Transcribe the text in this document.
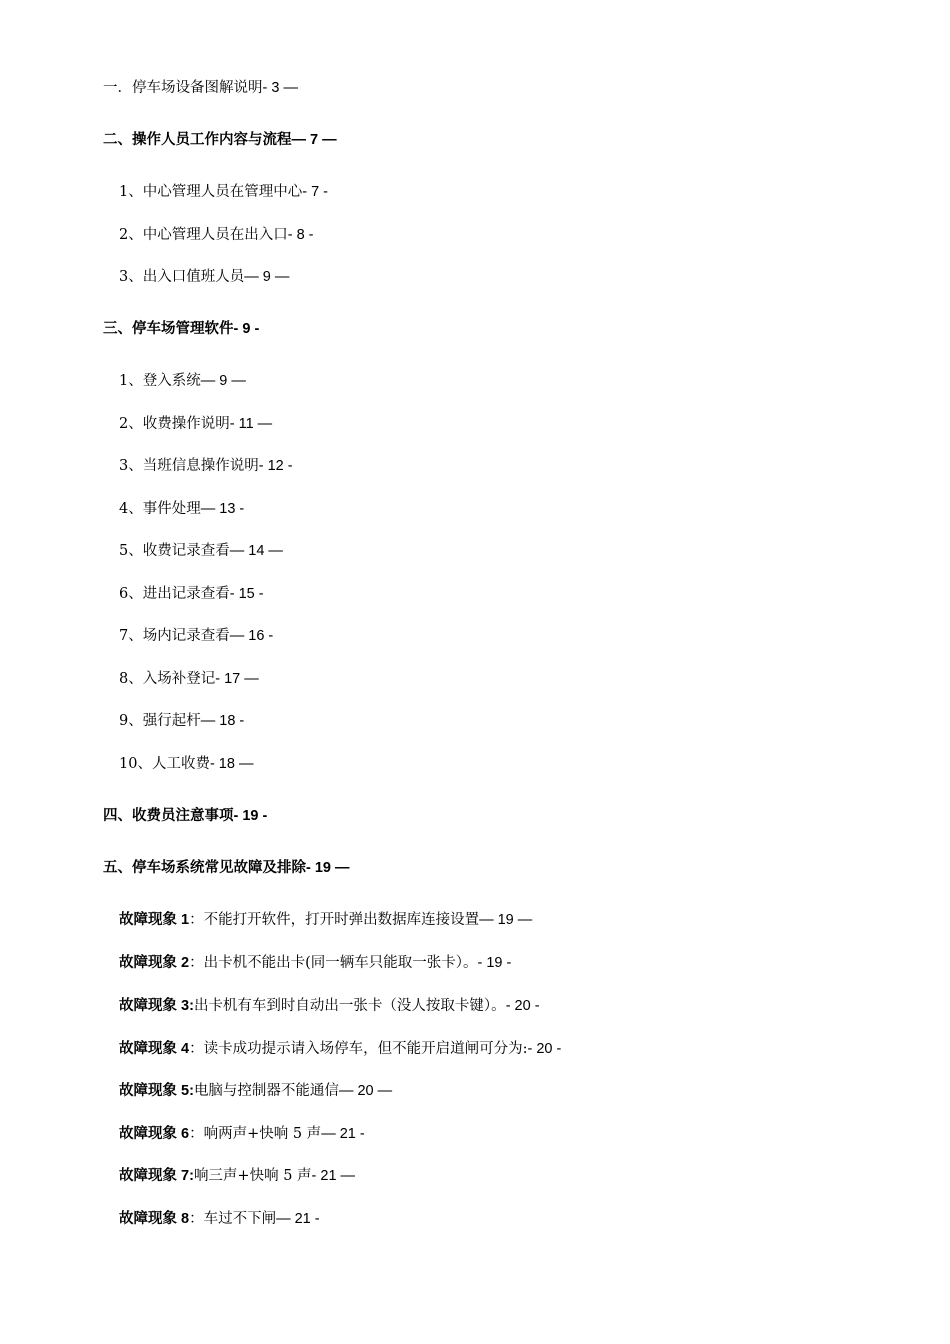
一．停车场设备图解说明- 3 —
二、操作人员工作内容与流程— 7 —
1、中心管理人员在管理中心- 7 -
2、中心管理人员在出入口- 8 -
3、出入口值班人员— 9 —
三、停车场管理软件- 9 -
1、登入系统— 9 —
2、收费操作说明- 11 —
3、当班信息操作说明- 12 -
4、事件处理— 13 -
5、收费记录查看— 14 —
6、进出记录查看- 15 -
7、场内记录查看— 16 -
8、入场补登记- 17 —
9、强行起杆— 18 -
10、人工收费- 18 —
四、收费员注意事项- 19 -
五、停车场系统常见故障及排除- 19 —
故障现象 1：不能打开软件，打开时弹出数据库连接设置— 19 —
故障现象 2：出卡机不能出卡(同一辆车只能取一张卡）。- 19 -
故障现象 3:出卡机有车到时自动出一张卡（没人按取卡键）。- 20 -
故障现象 4：读卡成功提示请入场停车，但不能开启道闸可分为:- 20 -
故障现象 5:电脑与控制器不能通信— 20 —
故障现象 6：响两声+快响 5 声— 21 -
故障现象 7:响三声+快响 5 声- 21 —
故障现象 8：车过不下闸— 21 -
